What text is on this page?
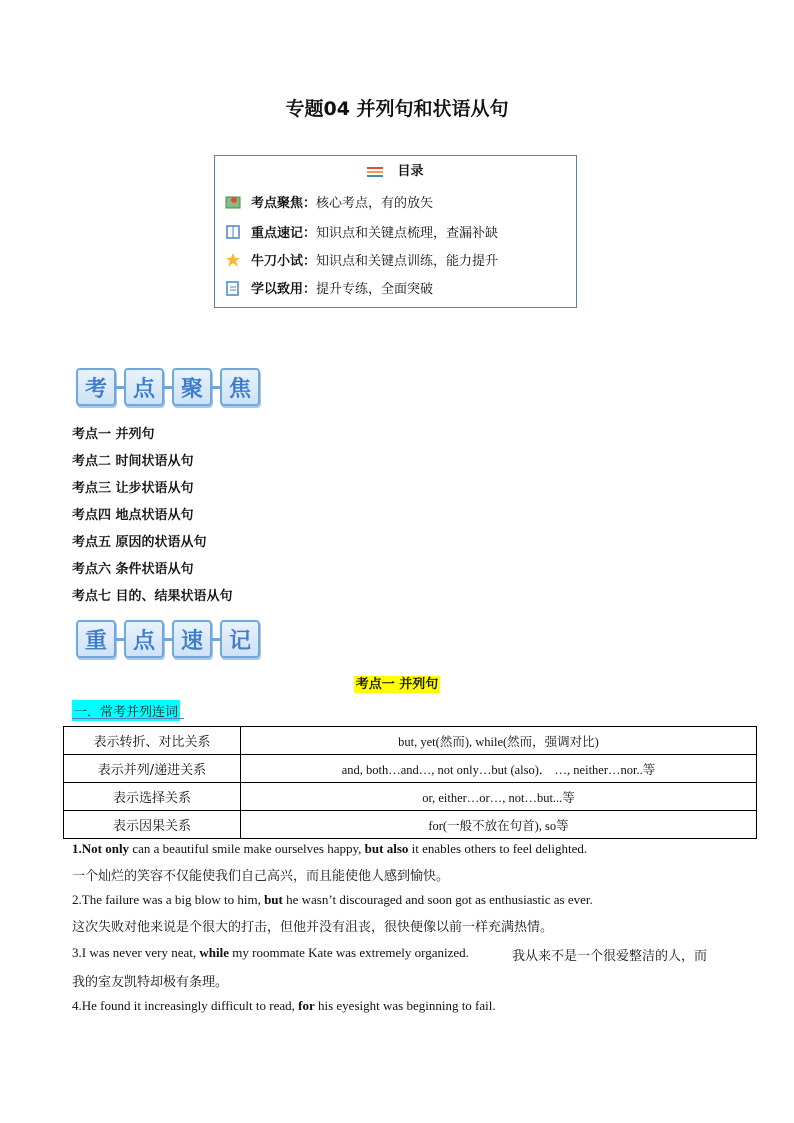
专题04 并列句和状语从句
目录
考点聚焦： 核心考点，有的放矢
重点速记： 知识点和关键点梳理，查漏补缺
牛刀小试： 知识点和关键点训练，能力提升
学以致用： 提升专练，全面突破
考	点	聚	焦
考点一 并列句
考点二 时间状语从句
考点三 让步状语从句
考点四 地点状语从句
考点五 原因的状语从句
考点六 条件状语从句
考点七 目的、结果状语从句
重	点	速	记
考点一 并列句
一．常考并列连词
表示转折、对比关系	but, yet(然而), while(然而，强调对比)
表示并列/递进关系	and, both…and…, not only…but (also)． …, neither…nor..等
表示选择关系	or, either…or…, not…but...等
表示因果关系	for(一般不放在句首), so等
1.Not only can a beautiful smile make ourselves happy, but also it enables others to feel delighted.
一个灿烂的笑容不仅能使我们自己高兴，而且能使他人感到愉快。
2.The failure was a big blow to him, but he wasn’t discouraged and soon got as enthusiastic as ever.
这次失败对他来说是个很大的打击，但他并没有沮丧，很快便像以前一样充满热情。
3.I was never very neat, while my roommate Kate was extremely organized.	我从来不是一个很爱整洁的人，而
我的室友凯特却极有条理。
4.He found it increasingly difficult to read, for his eyesight was beginning to fail.
